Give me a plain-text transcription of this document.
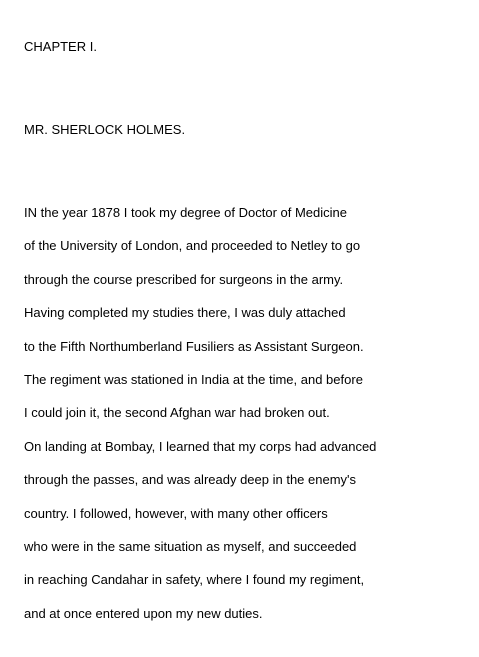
CHAPTER I.
MR. SHERLOCK HOLMES.
IN the year 1878 I took my degree of Doctor of Medicine
of the University of London, and proceeded to Netley to go
through the course prescribed for surgeons in the army.
Having completed my studies there, I was duly attached
to the Fifth Northumberland Fusiliers as Assistant Surgeon.
The regiment was stationed in India at the time, and before
I could join it, the second Afghan war had broken out.
On landing at Bombay, I learned that my corps had advanced
through the passes, and was already deep in the enemy's
country. I followed, however, with many other officers
who were in the same situation as myself, and succeeded
in reaching Candahar in safety, where I found my regiment,
and at once entered upon my new duties.
